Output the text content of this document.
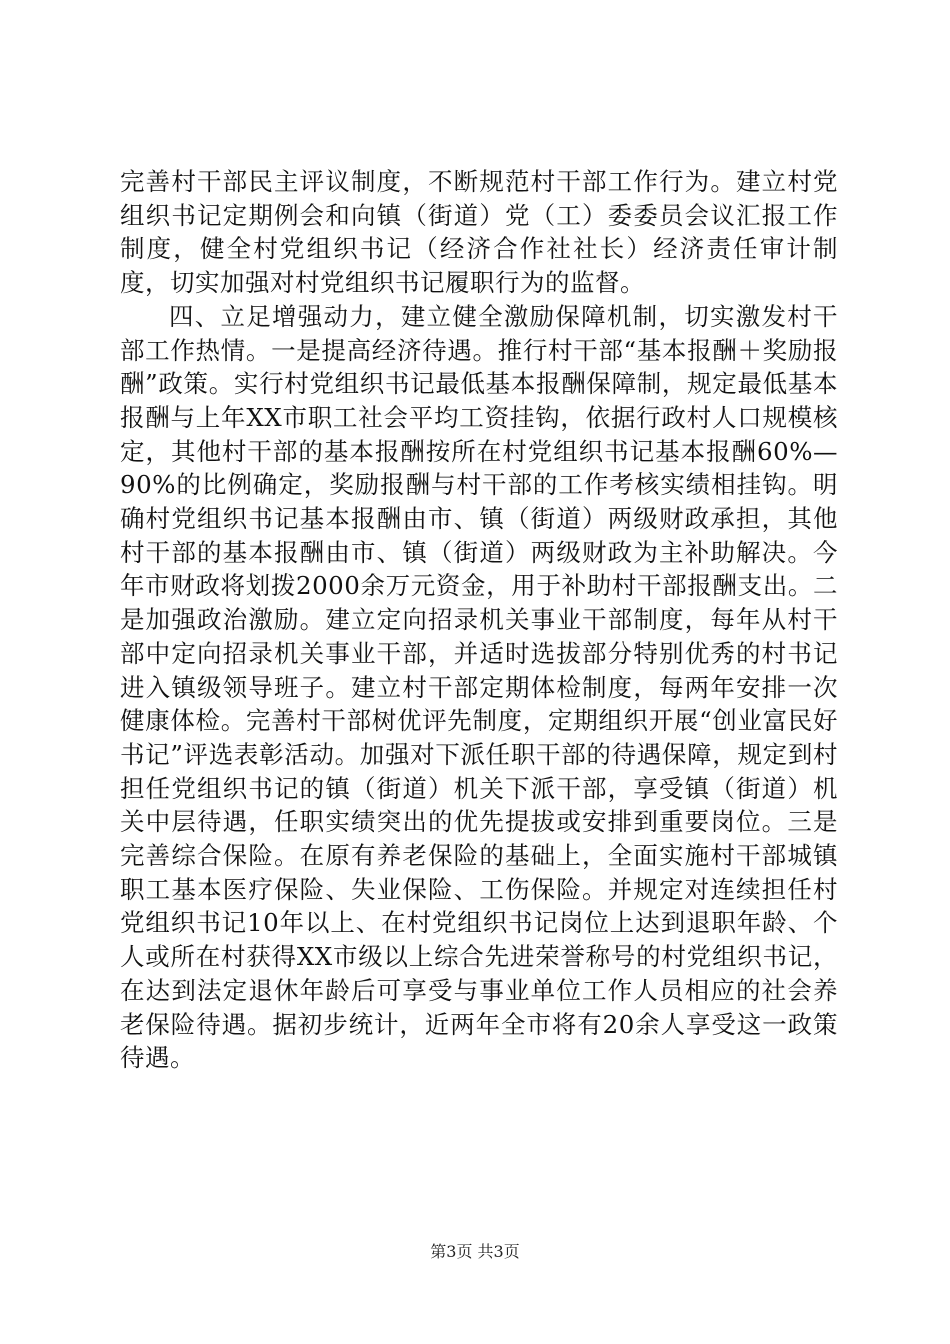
完善村干部民主评议制度，不断规范村干部工作行为。建立村党组织书记定期例会和向镇（街道）党（工）委委员会议汇报工作制度，健全村党组织书记（经济合作社社长）经济责任审计制度，切实加强对村党组织书记履职行为的监督。

四、立足增强动力，建立健全激励保障机制，切实激发村干部工作热情。一是提高经济待遇。推行村干部“基本报酬＋奖励报酬”政策。实行村党组织书记最低基本报酬保障制，规定最低基本报酬与上年XX市职工社会平均工资挂钩，依据行政村人口规模核定，其他村干部的基本报酬按所在村党组织书记基本报酬60%—90%的比例确定，奖励报酬与村干部的工作考核实绩相挂钩。明确村党组织书记基本报酬由市、镇（街道）两级财政承担，其他村干部的基本报酬由市、镇（街道）两级财政为主补助解决。今年市财政将划拨2000余万元资金，用于补助村干部报酬支出。二是加强政治激励。建立定向招录机关事业干部制度，每年从村干部中定向招录机关事业干部，并适时选拔部分特别优秀的村书记进入镇级领导班子。建立村干部定期体检制度，每两年安排一次健康体检。完善村干部树优评先制度，定期组织开展“创业富民好书记”评选表彰活动。加强对下派任职干部的待遇保障，规定到村担任党组织书记的镇（街道）机关下派干部，享受镇（街道）机关中层待遇，任职实绩突出的优先提拔或安排到重要岗位。三是完善综合保险。在原有养老保险的基础上，全面实施村干部城镇职工基本医疗保险、失业保险、工伤保险。并规定对连续担任村党组织书记10年以上、在村党组织书记岗位上达到退职年龄、个人或所在村获得XX市级以上综合先进荣誉称号的村党组织书记，在达到法定退休年龄后可享受与事业单位工作人员相应的社会养老保险待遇。据初步统计，近两年全市将有20余人享受这一政策待遇。

第3页 共3页
